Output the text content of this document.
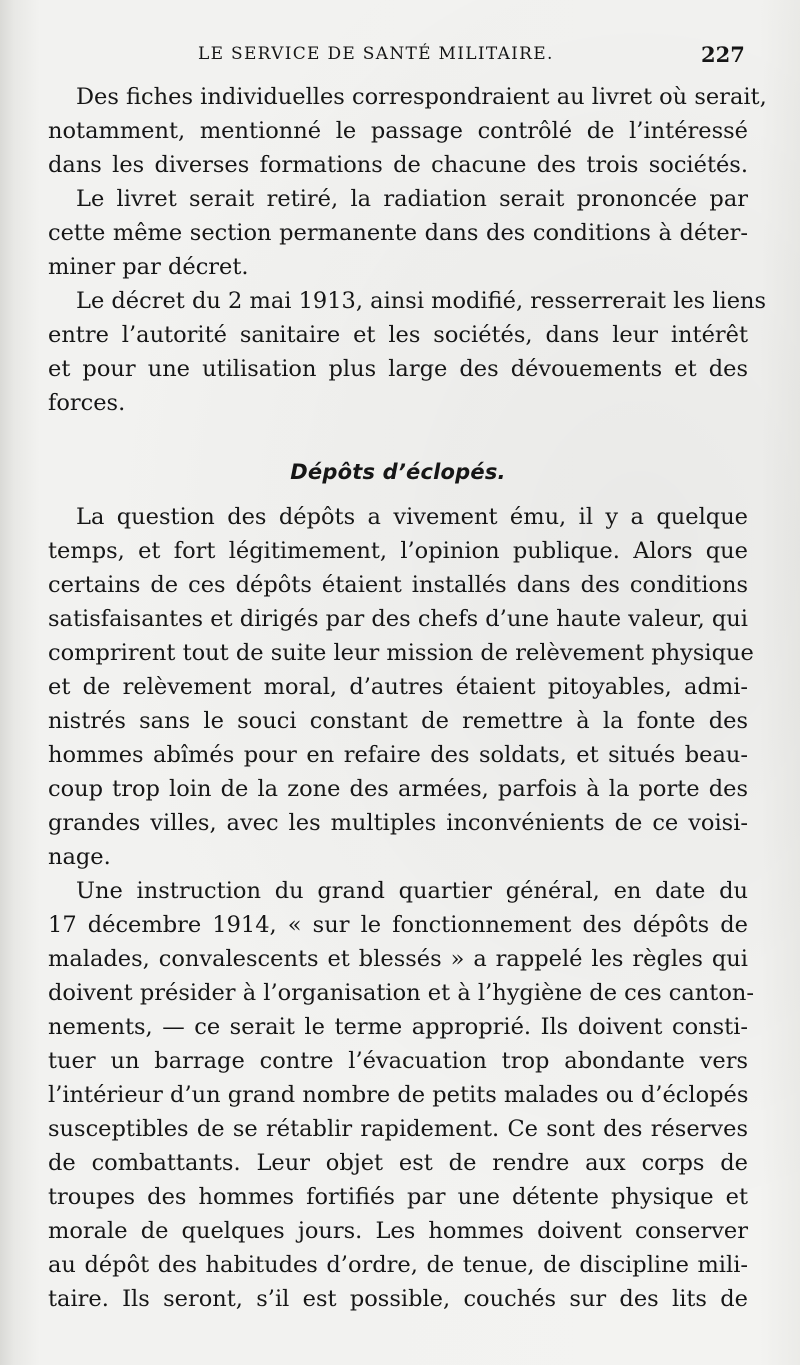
LE SERVICE DE SANTÉ MILITAIRE.	227
Des fiches individuelles correspondraient au livret où serait,
notamment, mentionné le passage contrôlé de l’intéressé
dans les diverses formations de chacune des trois sociétés.
Le livret serait retiré, la radiation serait prononcée par
cette même section permanente dans des conditions à déter-
miner par décret.
Le décret du 2 mai 1913, ainsi modifié, resserrerait les liens
entre l’autorité sanitaire et les sociétés, dans leur intérêt
et pour une utilisation plus large des dévouements et des
forces.
Dépôts d’éclopés.
La question des dépôts a vivement ému, il y a quelque
temps, et fort légitimement, l’opinion publique. Alors que
certains de ces dépôts étaient installés dans des conditions
satisfaisantes et dirigés par des chefs d’une haute valeur, qui
comprirent tout de suite leur mission de relèvement physique
et de relèvement moral, d’autres étaient pitoyables, admi-
nistrés sans le souci constant de remettre à la fonte des
hommes abîmés pour en refaire des soldats, et situés beau-
coup trop loin de la zone des armées, parfois à la porte des
grandes villes, avec les multiples inconvénients de ce voisi-
nage.
Une instruction du grand quartier général, en date du
17 décembre 1914, « sur le fonctionnement des dépôts de
malades, convalescents et blessés » a rappelé les règles qui
doivent présider à l’organisation et à l’hygiène de ces canton-
nements, — ce serait le terme approprié. Ils doivent consti-
tuer un barrage contre l’évacuation trop abondante vers
l’intérieur d’un grand nombre de petits malades ou d’éclopés
susceptibles de se rétablir rapidement. Ce sont des réserves
de combattants. Leur objet est de rendre aux corps de
troupes des hommes fortifiés par une détente physique et
morale de quelques jours. Les hommes doivent conserver
au dépôt des habitudes d’ordre, de tenue, de discipline mili-
taire. Ils seront, s’il est possible, couchés sur des lits de
